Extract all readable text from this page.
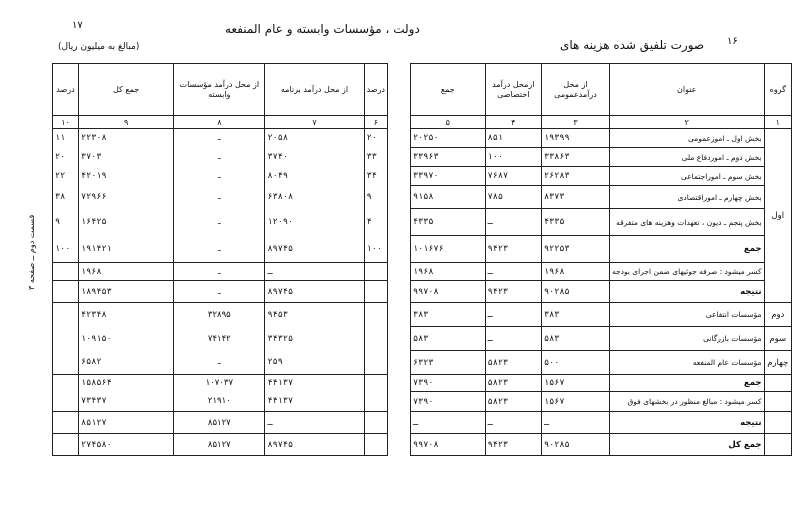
دولت ، مؤسسات وابسته و عام المنفعه
۱۷
(مبالغ به میلیون ریال)
قسمت دوم ــ صفحه ۳
درصد	از محل درآمد برنامه	از محل درآمد مؤسسات وابسته	جمع کل	درصد
۶	۷	۸	۹	۱۰
۲۰	۲۰۵۸	ـ	۲۲۳۰۸	۱۱
۳۳	۳۷۴۰	ـ	۳۷۰۳	۲۰
۳۴	۸۰۴۹	ـ	۴۲۰۱۹	۲۲
۹	۶۳۸۰۸	ـ	۷۲۹۶۶	۳۸
۴	۱۲۰۹۰	ـ	۱۶۴۲۵	۹
۱۰۰	۸۹۷۴۵	ـ	۱۹۱۴۲۱	۱۰۰
	ـ	ـ	۱۹۶۸	
	۸۹۷۴۵	ـ	۱۸۹۴۵۳	
	۹۴۵۳	۳۲۸۹۵	۴۲۳۴۸	
	۳۴۳۲۵	۷۴۱۴۲	۱۰۹۱۵۰	
	۲۵۹	ـ	۶۵۸۲	
	۴۴۱۳۷	۱۰۷۰۳۷	۱۵۸۵۶۴	
	۴۴۱۳۷	۲۱۹۱۰	۷۳۴۳۷	
	ـ	۸۵۱۲۷	۸۵۱۲۷	
	۸۹۷۴۵	۸۵۱۲۷	۲۷۴۵۸۰	
صورت تلفیق شده هزینه های ۱۶
گروه	عنوان	از محل درآمدعمومی	ازمحل درآمد اختصاصی	جمع
۱	۲	۳	۴	۵
اول	بخش اول ـ اموزعمومی	۱۹۳۹۹	۸۵۱	۲۰۲۵۰
	بخش دوم ـ اموردفاع ملی	۳۳۸۶۳	۱۰۰	۳۳۹۶۳
	بخش سوم ـ اموراجتماعی	۲۶۲۸۳	۷۶۸۷	۳۳۹۷۰
	بخش چهارم ـ اموراقتصادی	۸۳۷۳	۷۸۵	۹۱۵۸
	بخش پنجم ـ دیون ، تعهدات وهزینه های متفرقه	۴۳۳۵	ـ	۴۳۳۵
	جمع	۹۲۲۵۳	۹۴۲۳	۱۰۱۶۷۶
	کسر میشود : صرفه جوئیهای ضمن اجرای بودجه	۱۹۶۸	ـ	۱۹۶۸
	نتیجه	۹۰۲۸۵	۹۴۲۳	۹۹۷۰۸
دوم	مؤسسات انتفاعی	۳۸۳	ـ	۳۸۳
سوم	مؤسسات بازرگانی	۵۸۳	ـ	۵۸۳
چهارم	مؤسسات عام المنفعه	۵۰۰	۵۸۲۳	۶۳۲۳
	جمع	۱۵۶۷	۵۸۲۳	۷۳۹۰
	کسر میشود : مبالغ منظور در بخشهای فوق	۱۵۶۷	۵۸۲۳	۷۳۹۰
	نتیجه	ـ	ـ	ـ
	جمع کل	۹۰۲۸۵	۹۴۲۳	۹۹۷۰۸
